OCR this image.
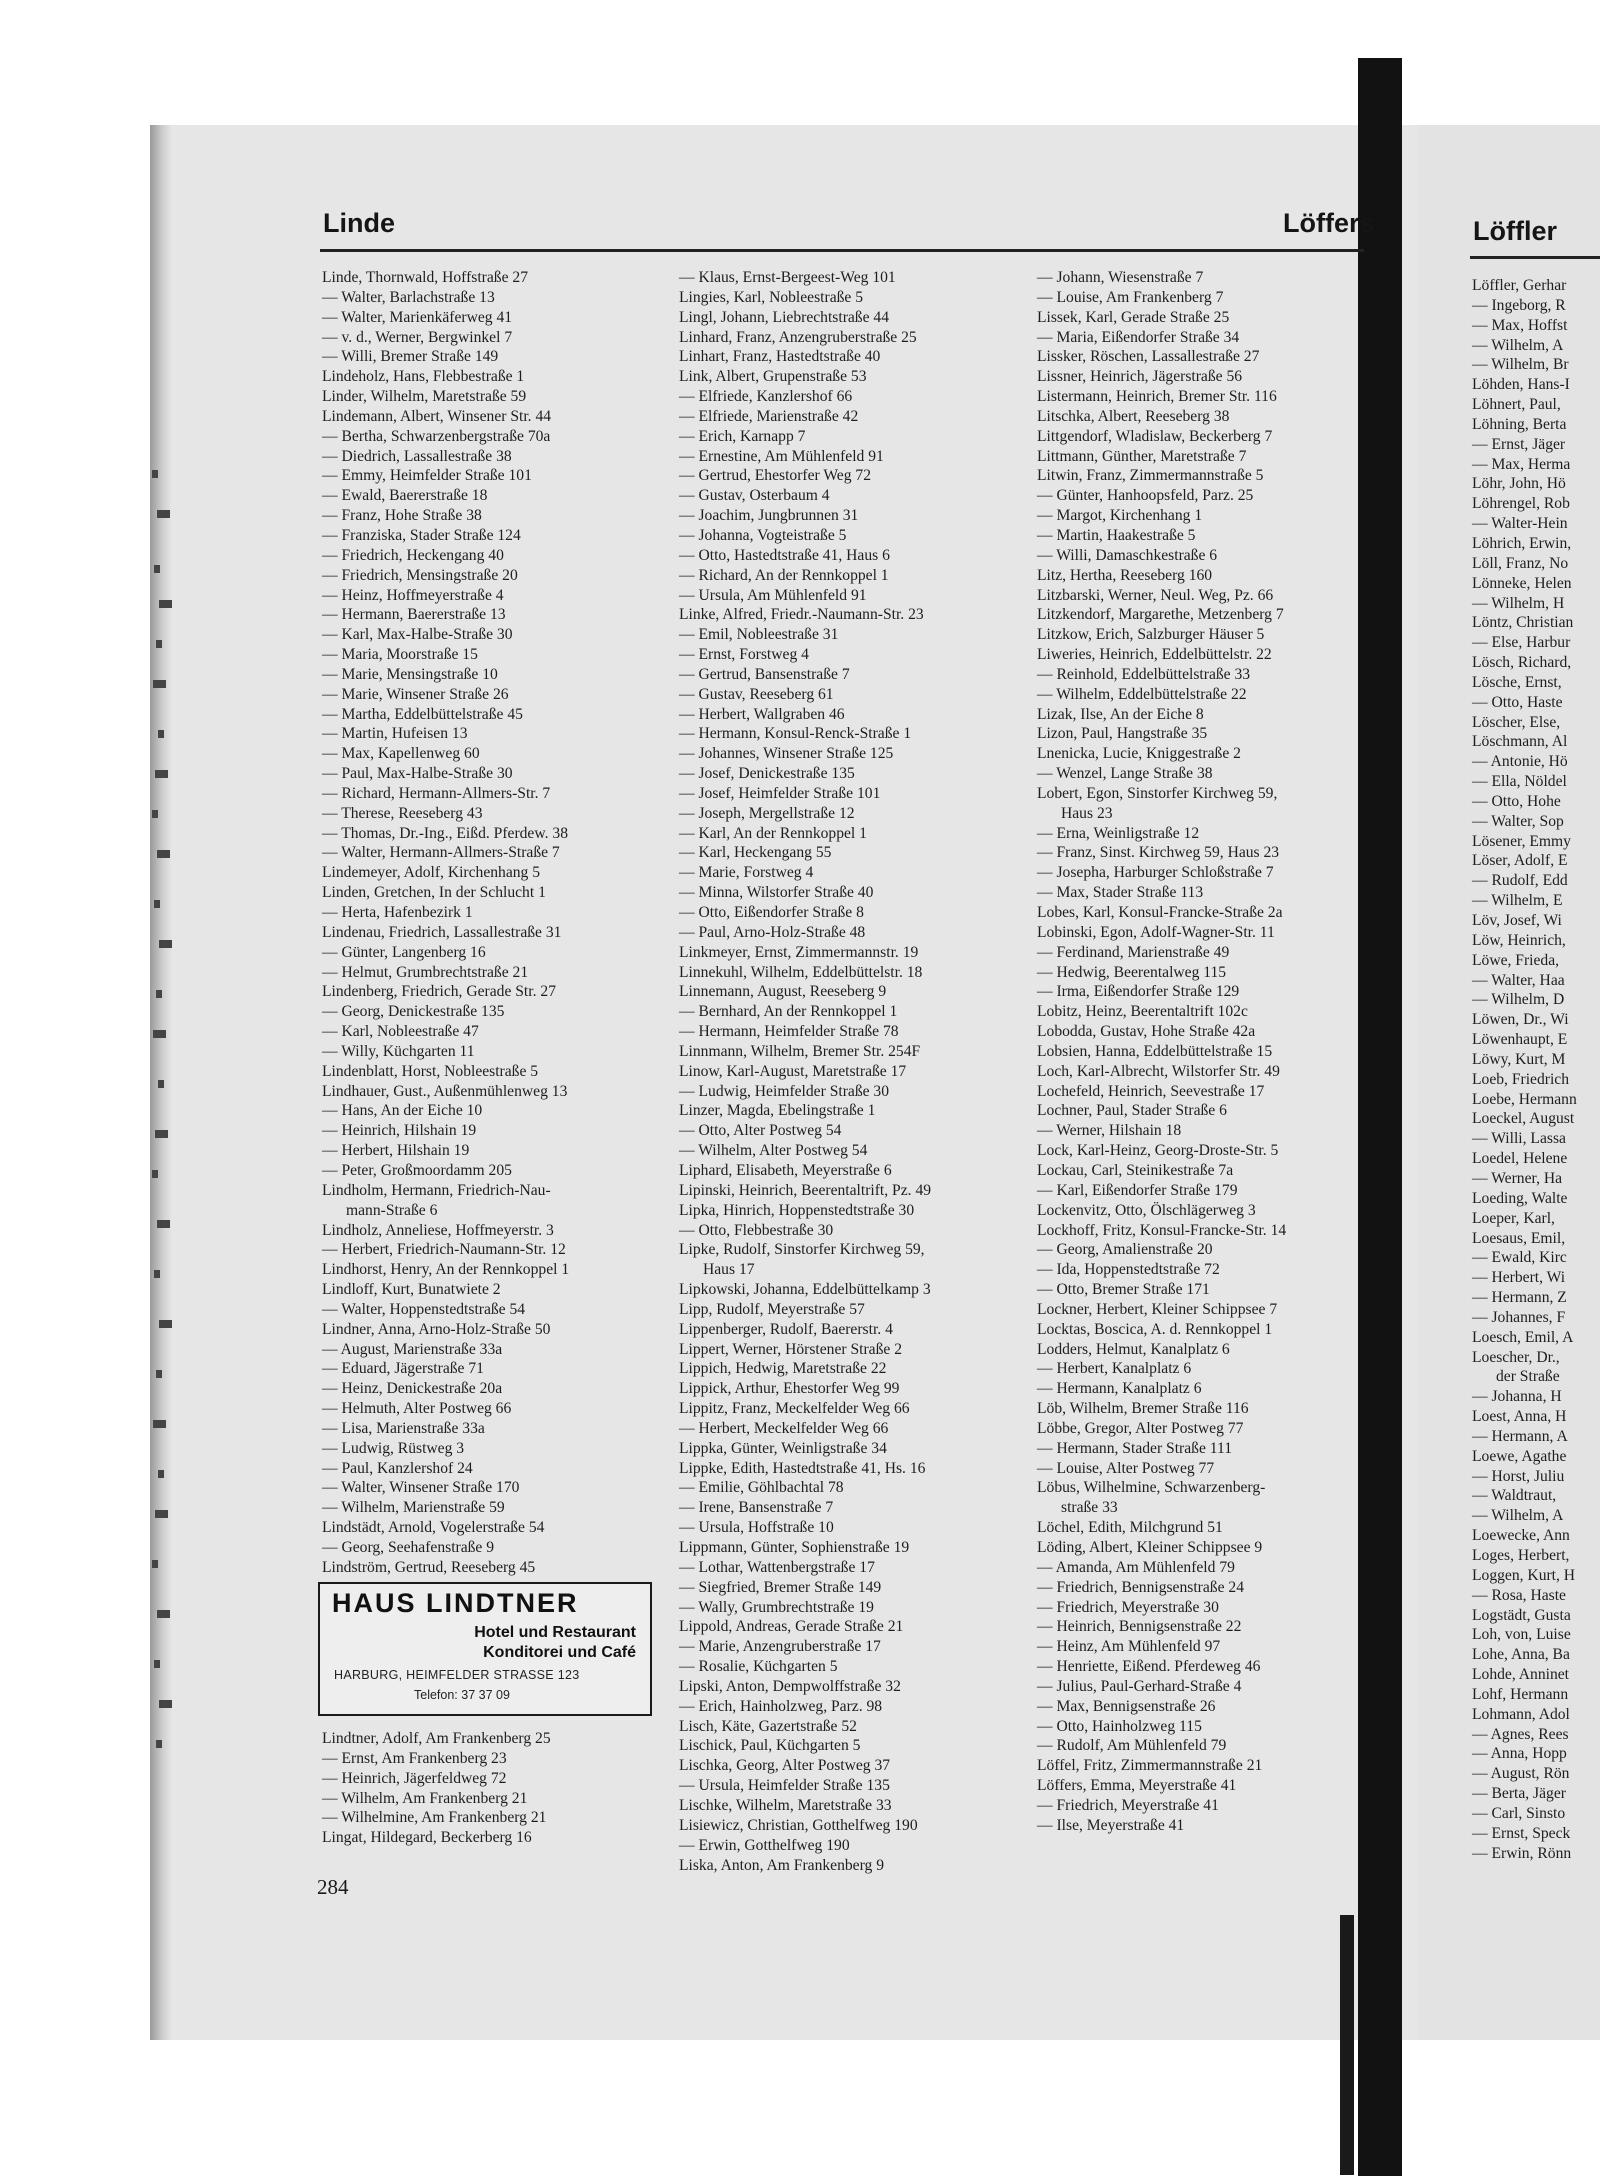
Linde	Löffers	Löffler
Linde, Thornwald, Hoffstraße 27
— Walter, Barlachstraße 13
— Walter, Marienkäferweg 41
— v. d., Werner, Bergwinkel 7
— Willi, Bremer Straße 149
Lindeholz, Hans, Flebbestraße 1
Linder, Wilhelm, Maretstraße 59
Lindemann, Albert, Winsener Str. 44
— Bertha, Schwarzenbergstraße 70a
— Diedrich, Lassallestraße 38
— Emmy, Heimfelder Straße 101
— Ewald, Baererstraße 18
— Franz, Hohe Straße 38
— Franziska, Stader Straße 124
— Friedrich, Heckengang 40
— Friedrich, Mensingstraße 20
— Heinz, Hoffmeyerstraße 4
— Hermann, Baererstraße 13
— Karl, Max-Halbe-Straße 30
— Maria, Moorstraße 15
— Marie, Mensingstraße 10
— Marie, Winsener Straße 26
— Martha, Eddelbüttelstraße 45
— Martin, Hufeisen 13
— Max, Kapellenweg 60
— Paul, Max-Halbe-Straße 30
— Richard, Hermann-Allmers-Str. 7
— Therese, Reeseberg 43
— Thomas, Dr.-Ing., Eißd. Pferdew. 38
— Walter, Hermann-Allmers-Straße 7
Lindemeyer, Adolf, Kirchenhang 5
Linden, Gretchen, In der Schlucht 1
— Herta, Hafenbezirk 1
Lindenau, Friedrich, Lassallestraße 31
— Günter, Langenberg 16
— Helmut, Grumbrechtstraße 21
Lindenberg, Friedrich, Gerade Str. 27
— Georg, Denickestraße 135
— Karl, Nobleestraße 47
— Willy, Küchgarten 11
Lindenblatt, Horst, Nobleestraße 5
Lindhauer, Gust., Außenmühlenweg 13
— Hans, An der Eiche 10
— Heinrich, Hilshain 19
— Herbert, Hilshain 19
— Peter, Großmoordamm 205
Lindholm, Hermann, Friedrich-Nau-
mann-Straße 6
Lindholz, Anneliese, Hoffmeyerstr. 3
— Herbert, Friedrich-Naumann-Str. 12
Lindhorst, Henry, An der Rennkoppel 1
Lindloff, Kurt, Bunatwiete 2
— Walter, Hoppenstedtstraße 54
Lindner, Anna, Arno-Holz-Straße 50
— August, Marienstraße 33a
— Eduard, Jägerstraße 71
— Heinz, Denickestraße 20a
— Helmuth, Alter Postweg 66
— Lisa, Marienstraße 33a
— Ludwig, Rüstweg 3
— Paul, Kanzlershof 24
— Walter, Winsener Straße 170
— Wilhelm, Marienstraße 59
Lindstädt, Arnold, Vogelerstraße 54
— Georg, Seehafenstraße 9
Lindström, Gertrud, Reeseberg 45
— Klaus, Ernst-Bergeest-Weg 101
Lingies, Karl, Nobleestraße 5
Lingl, Johann, Liebrechtstraße 44
Linhard, Franz, Anzengruberstraße 25
Linhart, Franz, Hastedtstraße 40
Link, Albert, Grupenstraße 53
— Elfriede, Kanzlershof 66
— Elfriede, Marienstraße 42
— Erich, Karnapp 7
— Ernestine, Am Mühlenfeld 91
— Gertrud, Ehestorfer Weg 72
— Gustav, Osterbaum 4
— Joachim, Jungbrunnen 31
— Johanna, Vogteistraße 5
— Otto, Hastedtstraße 41, Haus 6
— Richard, An der Rennkoppel 1
— Ursula, Am Mühlenfeld 91
Linke, Alfred, Friedr.-Naumann-Str. 23
— Emil, Nobleestraße 31
— Ernst, Forstweg 4
— Gertrud, Bansenstraße 7
— Gustav, Reeseberg 61
— Herbert, Wallgraben 46
— Hermann, Konsul-Renck-Straße 1
— Johannes, Winsener Straße 125
— Josef, Denickestraße 135
— Josef, Heimfelder Straße 101
— Joseph, Mergellstraße 12
— Karl, An der Rennkoppel 1
— Karl, Heckengang 55
— Marie, Forstweg 4
— Minna, Wilstorfer Straße 40
— Otto, Eißendorfer Straße 8
— Paul, Arno-Holz-Straße 48
Linkmeyer, Ernst, Zimmermannstr. 19
Linnekuhl, Wilhelm, Eddelbüttelstr. 18
Linnemann, August, Reeseberg 9
— Bernhard, An der Rennkoppel 1
— Hermann, Heimfelder Straße 78
Linnmann, Wilhelm, Bremer Str. 254F
Linow, Karl-August, Maretstraße 17
— Ludwig, Heimfelder Straße 30
Linzer, Magda, Ebelingstraße 1
— Otto, Alter Postweg 54
— Wilhelm, Alter Postweg 54
Liphard, Elisabeth, Meyerstraße 6
Lipinski, Heinrich, Beerentaltrift, Pz. 49
Lipka, Hinrich, Hoppenstedtstraße 30
— Otto, Flebbestraße 30
Lipke, Rudolf, Sinstorfer Kirchweg 59,
Haus 17
Lipkowski, Johanna, Eddelbüttelkamp 3
Lipp, Rudolf, Meyerstraße 57
Lippenberger, Rudolf, Baererstr. 4
Lippert, Werner, Hörstener Straße 2
Lippich, Hedwig, Maretstraße 22
Lippick, Arthur, Ehestorfer Weg 99
Lippitz, Franz, Meckelfelder Weg 66
— Herbert, Meckelfelder Weg 66
Lippka, Günter, Weinligstraße 34
Lippke, Edith, Hastedtstraße 41, Hs. 16
— Emilie, Göhlbachtal 78
— Irene, Bansenstraße 7
— Ursula, Hoffstraße 10
Lippmann, Günter, Sophienstraße 19
— Lothar, Wattenbergstraße 17
— Siegfried, Bremer Straße 149
— Wally, Grumbrechtstraße 19
Lippold, Andreas, Gerade Straße 21
— Marie, Anzengruberstraße 17
— Rosalie, Küchgarten 5
Lipski, Anton, Dempwolffstraße 32
— Erich, Hainholzweg, Parz. 98
Lisch, Käte, Gazertstraße 52
Lischick, Paul, Küchgarten 5
Lischka, Georg, Alter Postweg 37
— Ursula, Heimfelder Straße 135
Lischke, Wilhelm, Maretstraße 33
Lisiewicz, Christian, Gotthelfweg 190
— Erwin, Gotthelfweg 190
Liska, Anton, Am Frankenberg 9
— Johann, Wiesenstraße 7
— Louise, Am Frankenberg 7
Lissek, Karl, Gerade Straße 25
— Maria, Eißendorfer Straße 34
Lissker, Röschen, Lassallestraße 27
Lissner, Heinrich, Jägerstraße 56
Listermann, Heinrich, Bremer Str. 116
Litschka, Albert, Reeseberg 38
Littgendorf, Wladislaw, Beckerberg 7
Littmann, Günther, Maretstraße 7
Litwin, Franz, Zimmermannstraße 5
— Günter, Hanhoopsfeld, Parz. 25
— Margot, Kirchenhang 1
— Martin, Haakestraße 5
— Willi, Damaschkestraße 6
Litz, Hertha, Reeseberg 160
Litzbarski, Werner, Neul. Weg, Pz. 66
Litzkendorf, Margarethe, Metzenberg 7
Litzkow, Erich, Salzburger Häuser 5
Liweries, Heinrich, Eddelbüttelstr. 22
— Reinhold, Eddelbüttelstraße 33
— Wilhelm, Eddelbüttelstraße 22
Lizak, Ilse, An der Eiche 8
Lizon, Paul, Hangstraße 35
Lnenicka, Lucie, Kniggestraße 2
— Wenzel, Lange Straße 38
Lobert, Egon, Sinstorfer Kirchweg 59,
Haus 23
— Erna, Weinligstraße 12
— Franz, Sinst. Kirchweg 59, Haus 23
— Josepha, Harburger Schloßstraße 7
— Max, Stader Straße 113
Lobes, Karl, Konsul-Francke-Straße 2a
Lobinski, Egon, Adolf-Wagner-Str. 11
— Ferdinand, Marienstraße 49
— Hedwig, Beerentalweg 115
— Irma, Eißendorfer Straße 129
Lobitz, Heinz, Beerentaltrift 102c
Lobodda, Gustav, Hohe Straße 42a
Lobsien, Hanna, Eddelbüttelstraße 15
Loch, Karl-Albrecht, Wilstorfer Str. 49
Lochefeld, Heinrich, Seevestraße 17
Lochner, Paul, Stader Straße 6
— Werner, Hilshain 18
Lock, Karl-Heinz, Georg-Droste-Str. 5
Lockau, Carl, Steinikestraße 7a
— Karl, Eißendorfer Straße 179
Lockenvitz, Otto, Ölschlägerweg 3
Lockhoff, Fritz, Konsul-Francke-Str. 14
— Georg, Amalienstraße 20
— Ida, Hoppenstedtstraße 72
— Otto, Bremer Straße 171
Lockner, Herbert, Kleiner Schippsee 7
Locktas, Boscica, A. d. Rennkoppel 1
Lodders, Helmut, Kanalplatz 6
— Herbert, Kanalplatz 6
— Hermann, Kanalplatz 6
Löb, Wilhelm, Bremer Straße 116
Löbbe, Gregor, Alter Postweg 77
— Hermann, Stader Straße 111
— Louise, Alter Postweg 77
Löbus, Wilhelmine, Schwarzenberg-
straße 33
Löchel, Edith, Milchgrund 51
Löding, Albert, Kleiner Schippsee 9
— Amanda, Am Mühlenfeld 79
— Friedrich, Bennigsenstraße 24
— Friedrich, Meyerstraße 30
— Heinrich, Bennigsenstraße 22
— Heinz, Am Mühlenfeld 97
— Henriette, Eißend. Pferdeweg 46
— Julius, Paul-Gerhard-Straße 4
— Max, Bennigsenstraße 26
— Otto, Hainholzweg 115
— Rudolf, Am Mühlenfeld 79
Löffel, Fritz, Zimmermannstraße 21
Löffers, Emma, Meyerstraße 41
— Friedrich, Meyerstraße 41
— Ilse, Meyerstraße 41
Lindtner, Adolf, Am Frankenberg 25
— Ernst, Am Frankenberg 23
— Heinrich, Jägerfeldweg 72
— Wilhelm, Am Frankenberg 21
— Wilhelmine, Am Frankenberg 21
Lingat, Hildegard, Beckerberg 16
Löffler, Gerhar
— Ingeborg, R
— Max, Hoffst
— Wilhelm, A
— Wilhelm, Br
Löhden, Hans-I
Löhnert, Paul,
Löhning, Berta
— Ernst, Jäger
— Max, Herma
Löhr, John, Hö
Löhrengel, Rob
— Walter-Hein
Löhrich, Erwin,
Löll, Franz, No
Lönneke, Helen
— Wilhelm, H
Löntz, Christian
— Else, Harbur
Lösch, Richard,
Lösche, Ernst,
— Otto, Haste
Löscher, Else,
Löschmann, Al
— Antonie, Hö
— Ella, Nöldel
— Otto, Hohe
— Walter, Sop
Lösener, Emmy
Löser, Adolf, E
— Rudolf, Edd
— Wilhelm, E
Löv, Josef, Wi
Löw, Heinrich,
Löwe, Frieda,
— Walter, Haa
— Wilhelm, D
Löwen, Dr., Wi
Löwenhaupt, E
Löwy, Kurt, M
Loeb, Friedrich
Loebe, Hermann
Loeckel, August
— Willi, Lassa
Loedel, Helene
— Werner, Ha
Loeding, Walte
Loeper, Karl,
Loesaus, Emil,
— Ewald, Kirc
— Herbert, Wi
— Hermann, Z
— Johannes, F
Loesch, Emil, A
Loescher, Dr.,
der Straße
— Johanna, H
Loest, Anna, H
— Hermann, A
Loewe, Agathe
— Horst, Juliu
— Waldtraut,
— Wilhelm, A
Loewecke, Ann
Loges, Herbert,
Loggen, Kurt, H
— Rosa, Haste
Logstädt, Gusta
Loh, von, Luise
Lohe, Anna, Ba
Lohde, Anninet
Lohf, Hermann
Lohmann, Adol
— Agnes, Rees
— Anna, Hopp
— August, Rön
— Berta, Jäger
— Carl, Sinsto
— Ernst, Speck
— Erwin, Rönn
HAUS LINDTNER
Hotel und Restaurant
Konditorei und Café
HARBURG, HEIMFELDER STRASSE 123
Telefon: 37 37 09
284
